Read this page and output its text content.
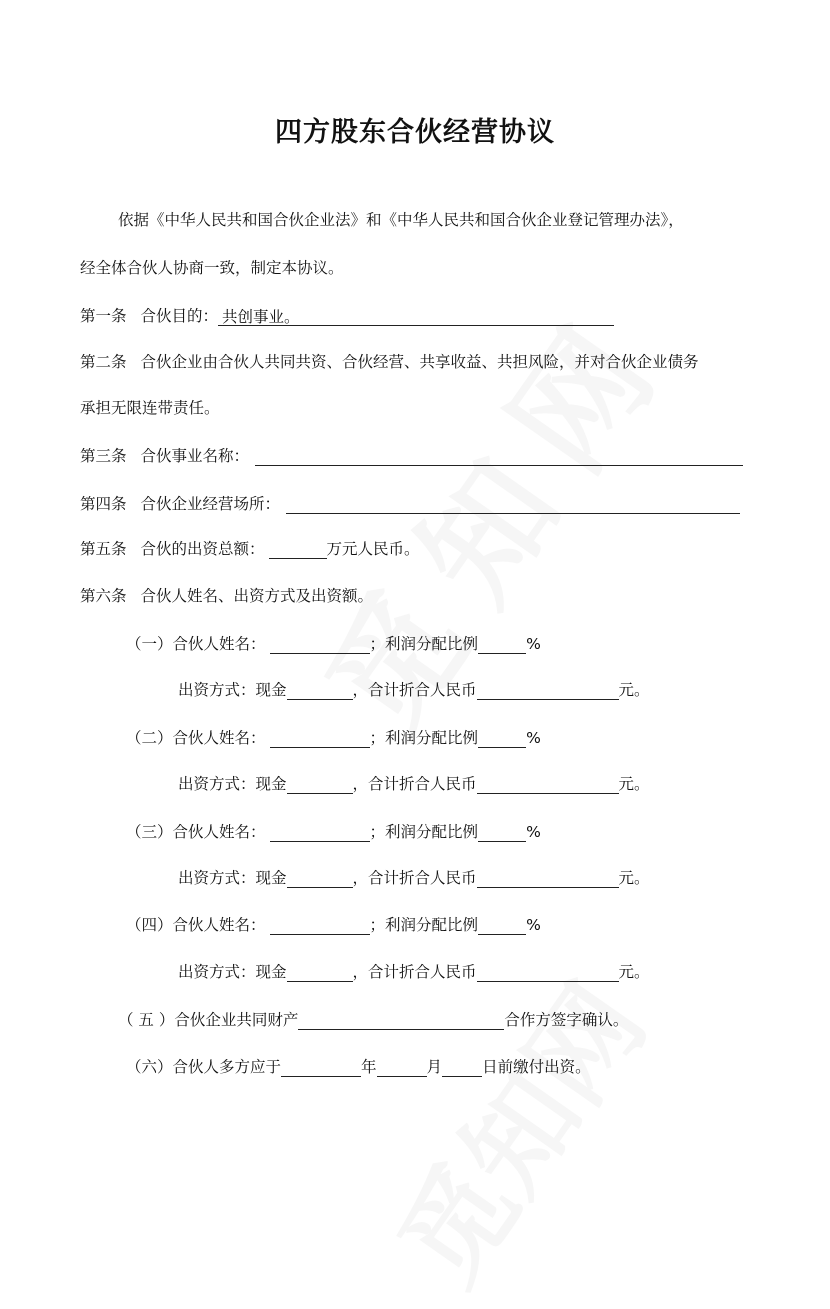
四方股东合伙经营协议
依据《中华人民共和国合伙企业法》和《中华人民共和国合伙企业登记管理办法》，
经全体合伙人协商一致，制定本协议。
第一条 合伙目的： 共创事业。
第二条 合伙企业由合伙人共同共资、合伙经营、共享收益、共担风险，并对合伙企业债务
承担无限连带责任。
第三条 合伙事业名称：
第四条 合伙企业经营场所：
第五条 合伙的出资总额：	万元人民币。
第六条 合伙人姓名、出资方式及出资额。
（一）合伙人姓名：	；利润分配比例	%
出资方式：现金	，合计折合人民币	元。
（二）合伙人姓名：	；利润分配比例	%
出资方式：现金	，合计折合人民币	元。
（三）合伙人姓名：	；利润分配比例	%
出资方式：现金	，合计折合人民币	元。
（四）合伙人姓名：	；利润分配比例	%
出资方式：现金	，合计折合人民币	元。
（ 五 ）合伙企业共同财产	合作方签字确认。
（六）合伙人多方应于	年	月	日前缴付出资。
